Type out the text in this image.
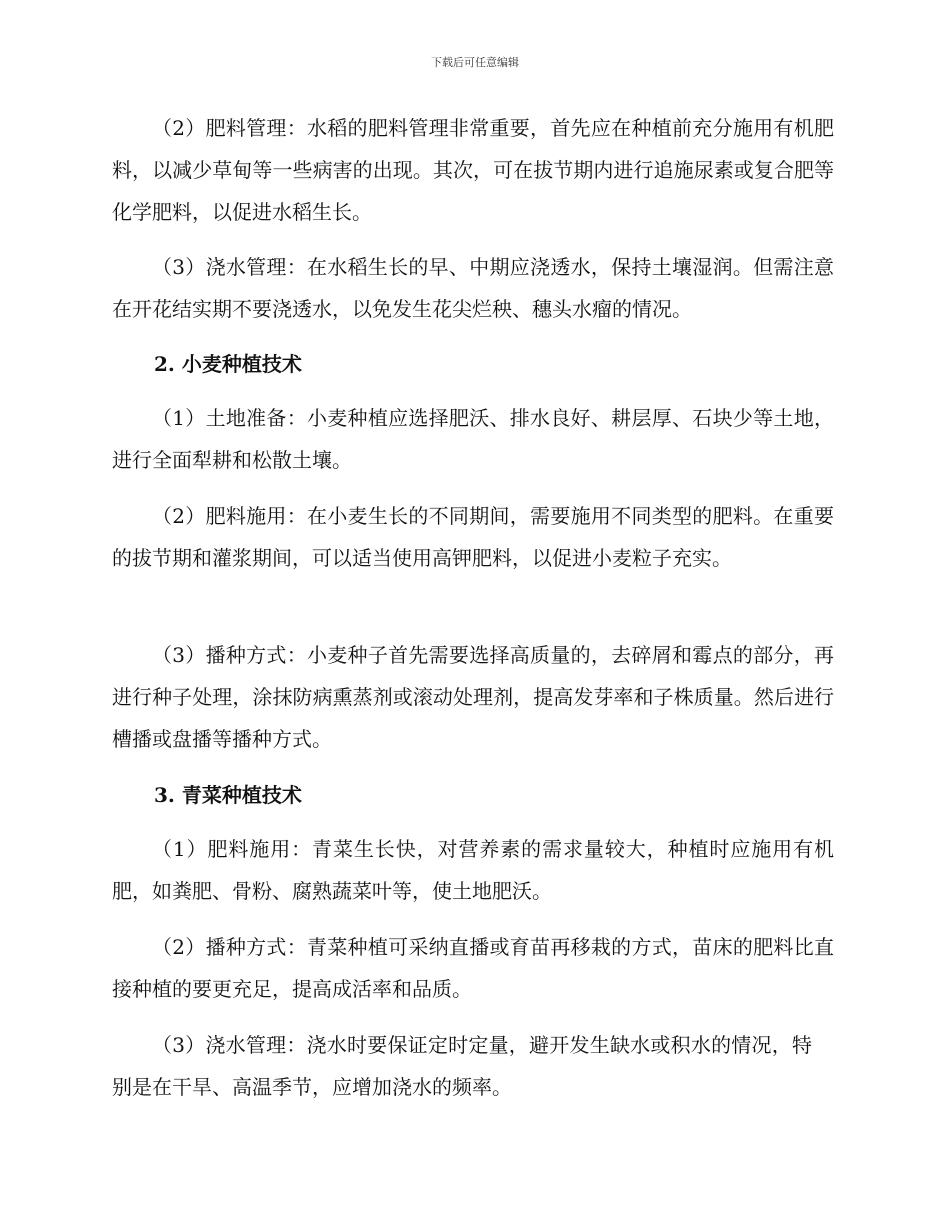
下载后可任意编辑

（2）肥料管理：水稻的肥料管理非常重要，首先应在种植前充分施用有机肥料，以减少草甸等一些病害的出现。其次，可在拔节期内进行追施尿素或复合肥等化学肥料，以促进水稻生长。

（3）浇水管理：在水稻生长的早、中期应浇透水，保持土壤湿润。但需注意在开花结实期不要浇透水，以免发生花尖烂秧、穗头水瘤的情况。

2. 小麦种植技术

（1）土地准备：小麦种植应选择肥沃、排水良好、耕层厚、石块少等土地，进行全面犁耕和松散土壤。

（2）肥料施用：在小麦生长的不同期间，需要施用不同类型的肥料。在重要的拔节期和灌浆期间，可以适当使用高钾肥料，以促进小麦粒子充实。

（3）播种方式：小麦种子首先需要选择高质量的，去碎屑和霉点的部分，再进行种子处理，涂抹防病熏蒸剂或滚动处理剂，提高发芽率和子株质量。然后进行槽播或盘播等播种方式。

3. 青菜种植技术

（1）肥料施用：青菜生长快，对营养素的需求量较大，种植时应施用有机肥，如粪肥、骨粉、腐熟蔬菜叶等，使土地肥沃。

（2）播种方式：青菜种植可采纳直播或育苗再移栽的方式，苗床的肥料比直接种植的要更充足，提高成活率和品质。

（3）浇水管理：浇水时要保证定时定量，避开发生缺水或积水的情况，特别是在干旱、高温季节，应增加浇水的频率。
